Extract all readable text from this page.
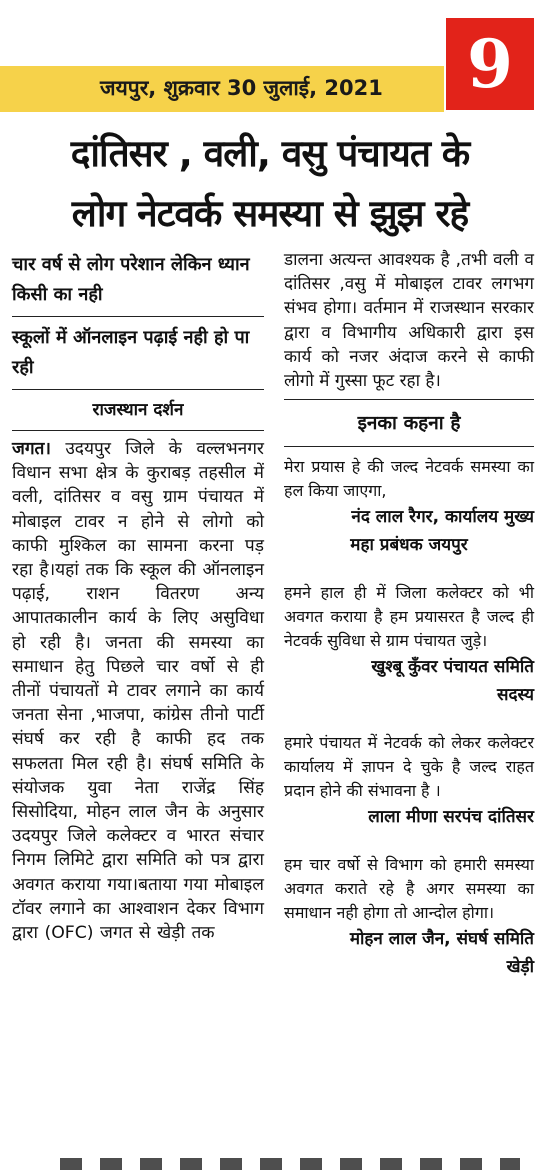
जयपुर, शुक्रवार 30 जुलाई, 2021	9
दांतिसर , वली, वसु पंचायत के
लोग नेटवर्क समस्या से झुझ रहे
चार वर्ष से लोग परेशान लेकिन ध्यान किसी का नही
स्कूलों में ऑनलाइन पढ़ाई नही हो पा रही
राजस्थान दर्शन

जगत। उदयपुर जिले के वल्लभनगर विधान सभा क्षेत्र के कुराबड़ तहसील में वली, दांतिसर व वसु ग्राम पंचायत में मोबाइल टावर न होने से लोगो को काफी मुश्किल का सामना करना पड़ रहा है।यहां तक कि स्कूल की ऑनलाइन पढ़ाई, राशन वितरण अन्य आपातकालीन कार्य के लिए असुविधा हो रही है। जनता की समस्या का समाधान हेतु पिछले चार वर्षो से ही तीनों पंचायतों मे टावर लगाने का कार्य जनता सेना ,भाजपा, कांग्रेस तीनो पार्टी संघर्ष कर रही है काफी हद तक सफलता मिल रही है। संघर्ष समिति के संयोजक युवा नेता राजेंद्र सिंह सिसोदिया, मोहन लाल जैन के अनुसार उदयपुर जिले कलेक्टर व भारत संचार निगम लिमिटे द्वारा समिति को पत्र द्वारा अवगत कराया गया।बताया गया मोबाइल टॉवर लगाने का आश्वाशन देकर विभाग द्वारा (OFC) जगत से खेड़ी तक

डालना अत्यन्त आवश्यक है ,तभी वली व दांतिसर ,वसु में मोबाइल टावर लगभग संभव होगा। वर्तमान में राजस्थान सरकार द्वारा व विभागीय अधिकारी द्वारा इस कार्य को नजर अंदाज करने से काफी लोगो में गुस्सा फूट रहा है।

इनका कहना है

मेरा प्रयास हे की जल्द नेटवर्क समस्या का हल किया जाएगा,

नंद लाल रैगर, कार्यालय मुख्य
महा प्रबंधक जयपुर

हमने हाल ही में जिला कलेक्टर को भी अवगत कराया है हम प्रयासरत है जल्द ही नेटवर्क सुविधा से ग्राम पंचायत जुड़े।

खुश्बू कुँवर पंचायत समिति
सदस्य

हमारे पंचायत में नेटवर्क को लेकर कलेक्टर कार्यालय में ज्ञापन दे चुके है जल्द राहत प्रदान होने की संभावना है ।

लाला मीणा सरपंच दांतिसर

हम चार वर्षो से विभाग को हमारी समस्या अवगत कराते रहे है अगर समस्या का समाधान नही होगा तो आन्दोल होगा।

मोहन लाल जैन, संघर्ष समिति
खेड़ी
